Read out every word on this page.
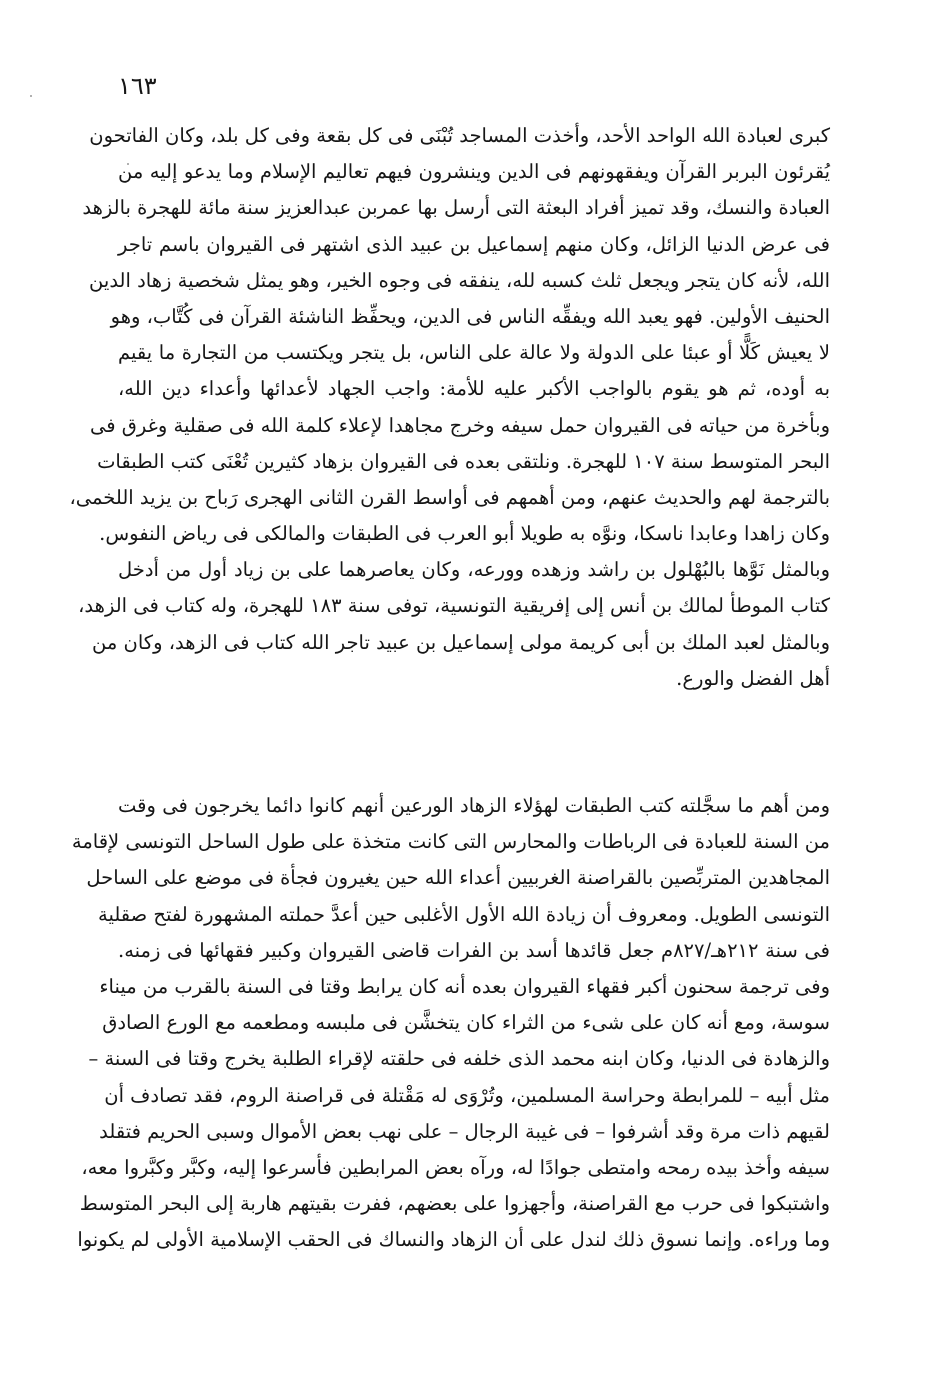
١٦٣
كبرى لعبادة الله الواحد الأحد، وأخذت المساجد تُبْنَى فى كل بقعة وفى كل بلد، وكان الفاتحون
يُقرئون البربر القرآن ويفقهونهم فى الدين وينشرون فيهم تعاليم الإسلام وما يدعو إليه من
العبادة والنسك، وقد تميز أفراد البعثة التى أرسل بها عمربن عبدالعزيز سنة مائة للهجرة بالزهد
فى عرض الدنيا الزائل، وكان منهم إسماعيل بن عبيد الذى اشتهر فى القيروان باسم تاجر
الله، لأنه كان يتجر ويجعل ثلث كسبه لله، ينفقه فى وجوه الخير، وهو يمثل شخصية زهاد الدين
الحنيف الأولين. فهو يعبد الله ويفقِّه الناس فى الدين، ويحفِّظ الناشئة القرآن فى كُتَّاب، وهو
لا يعيش كَلًّا أو عبئا على الدولة ولا عالة على الناس، بل يتجر ويكتسب من التجارة ما يقيم
به أوده، ثم هو يقوم بالواجب الأكبر عليه للأمة: واجب الجهاد لأعدائها وأعداء دين الله،
وبأخرة من حياته فى القيروان حمل سيفه وخرج مجاهدا لإعلاء كلمة الله فى صقلية وغرق فى
البحر المتوسط سنة ١٠٧ للهجرة. ونلتقى بعده فى القيروان بزهاد كثيرين تُعْنَى كتب الطبقات
بالترجمة لهم والحديث عنهم، ومن أهمهم فى أواسط القرن الثانى الهجرى رَباح بن يزيد اللخمى،
وكان زاهدا وعابدا ناسكا، ونوَّه به طويلا أبو العرب فى الطبقات والمالكى فى رياض النفوس.
وبالمثل نَوَّها بالبُهْلول بن راشد وزهده وورعه، وكان يعاصرهما على بن زياد أول من أدخل
كتاب الموطأ لمالك بن أنس إلى إفريقية التونسية، توفى سنة ١٨٣ للهجرة، وله كتاب فى الزهد،
وبالمثل لعبد الملك بن أبى كريمة مولى إسماعيل بن عبيد تاجر الله كتاب فى الزهد، وكان من
أهل الفضل والورع.
ومن أهم ما سجَّلته كتب الطبقات لهؤلاء الزهاد الورعين أنهم كانوا دائما يخرجون فى وقت
من السنة للعبادة فى الرباطات والمحارس التى كانت متخذة على طول الساحل التونسى لإقامة
المجاهدين المتربِّصين بالقراصنة الغربيين أعداء الله حين يغيرون فجأة فى موضع على الساحل
التونسى الطويل. ومعروف أن زيادة الله الأول الأغلبى حين أعدَّ حملته المشهورة لفتح صقلية
فى سنة ٢١٢هـ/٨٢٧م جعل قائدها أسد بن الفرات قاضى القيروان وكبير فقهائها فى زمنه.
وفى ترجمة سحنون أكبر فقهاء القيروان بعده أنه كان يرابط وقتا فى السنة بالقرب من ميناء
سوسة، ومع أنه كان على شىء من الثراء كان يتخشَّن فى ملبسه ومطعمه مع الورع الصادق
والزهادة فى الدنيا، وكان ابنه محمد الذى خلفه فى حلقته لإقراء الطلبة يخرج وقتا فى السنة –
مثل أبيه – للمرابطة وحراسة المسلمين، وتُرْوَى له مَقْتلة فى قراصنة الروم، فقد تصادف أن
لقيهم ذات مرة وقد أشرفوا – فى غيبة الرجال – على نهب بعض الأموال وسبى الحريم فتقلد
سيفه وأخذ بيده رمحه وامتطى جوادًا له، ورآه بعض المرابطين فأسرعوا إليه، وكبَّر وكبَّروا معه،
واشتبكوا فى حرب مع القراصنة، وأجهزوا على بعضهم، ففرت بقيتهم هاربة إلى البحر المتوسط
وما وراءه. وإنما نسوق ذلك لندل على أن الزهاد والنساك فى الحقب الإسلامية الأولى لم يكونوا
